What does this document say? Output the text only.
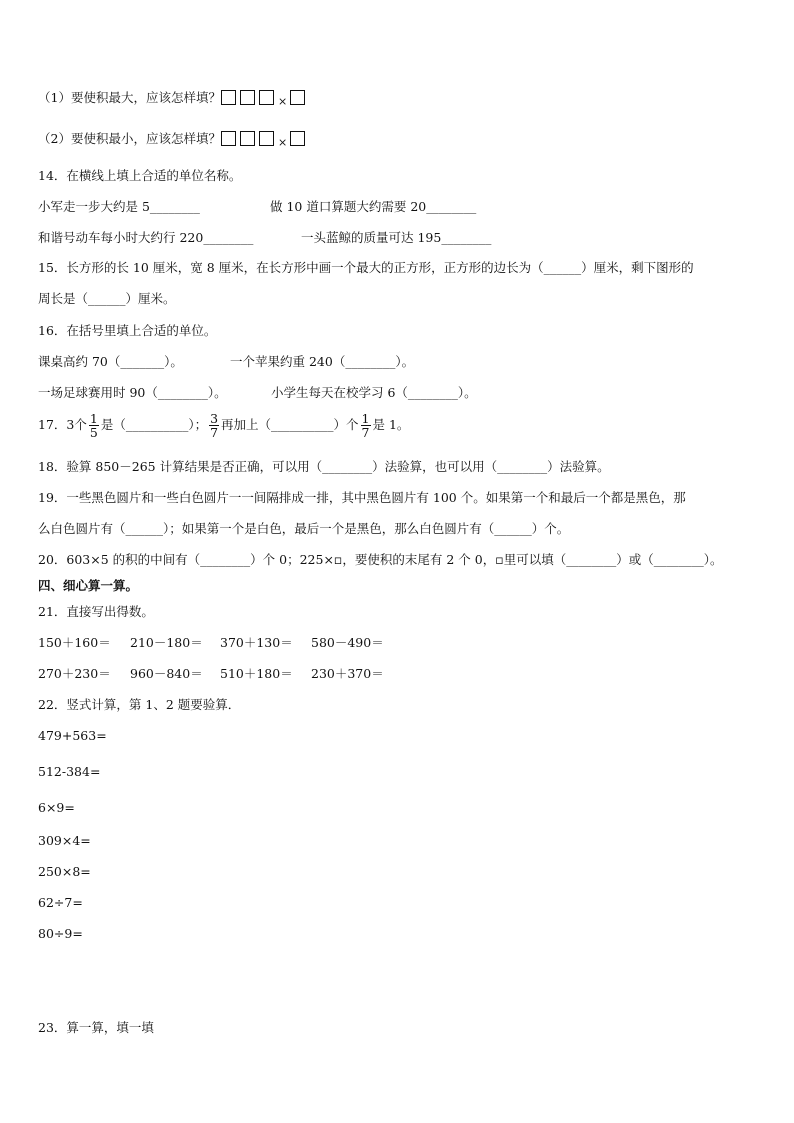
（1）要使积最大，应该怎样填？	×
（2）要使积最小，应该怎样填？	×
14．在横线上填上合适的单位名称。
小军走一步大约是 5________	做 10 道口算题大约需要 20________
和谐号动车每小时大约行 220________	一头蓝鲸的质量可达 195________
15．长方形的长 10 厘米，宽 8 厘米，在长方形中画一个最大的正方形，正方形的边长为（______）厘米，剩下图形的
周长是（______）厘米。
16．在括号里填上合适的单位。
课桌高约 70（_______）。	一个苹果约重 240（________）。
一场足球赛用时 90（________）。	小学生每天在校学习 6（________）。
17．3个 $\frac{1}{5}$ 是（__________）； $\frac{3}{7}$ 再加上（__________）个 $\frac{1}{7}$ 是 1。
18．验算 850－265 计算结果是否正确，可以用（________）法验算，也可以用（________）法验算。
19．一些黑色圆片和一些白色圆片一一间隔排成一排，其中黑色圆片有 100 个。如果第一个和最后一个都是黑色，那
么白色圆片有（______）；如果第一个是白色，最后一个是黑色，那么白色圆片有（______）个。
20．603×5 的积的中间有（________）个 0；225×▫，要使积的末尾有 2 个 0，▫里可以填（________）或（________）。
四、细心算一算。
21．直接写出得数。
150＋160＝ 210－180＝ 370＋130＝ 580－490＝
270＋230＝ 960－840＝ 510＋180＝ 230＋370＝
22．竖式计算，第 1、2 题要验算．
479+563=
512-384=
6×9=
309×4=
250×8=
62÷7=
80÷9=
23．算一算，填一填
